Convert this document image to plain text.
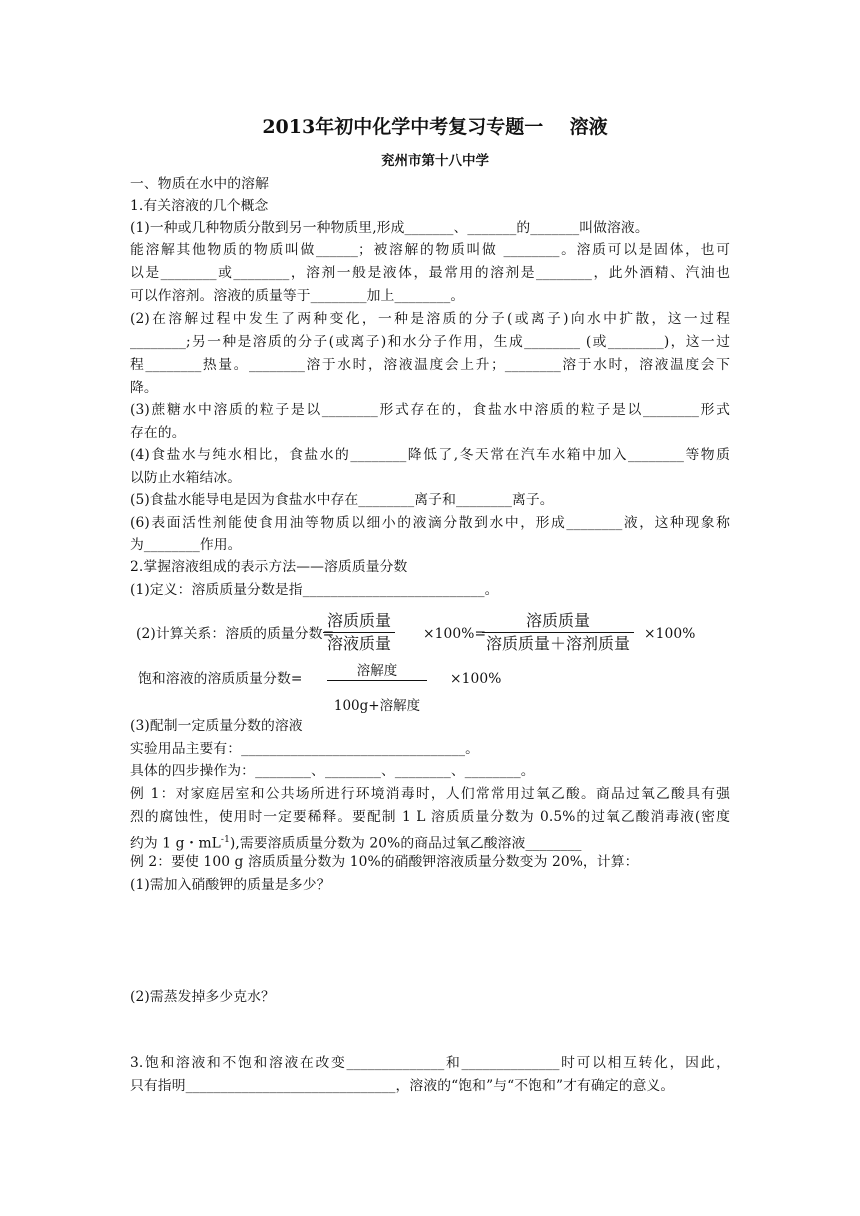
2013年初中化学中考复习专题一    溶液
兖州市第十八中学
一、物质在水中的溶解
1.有关溶液的几个概念
(1)一种或几种物质分散到另一种物质里,形成_______、_______的_______叫做溶液。
能溶解其他物质的物质叫做______；被溶解的物质叫做 ________。溶质可以是固体，也可
以是________或________，溶剂一般是液体，最常用的溶剂是________，此外酒精、汽油也
可以作溶剂。溶液的质量等于________加上________。
(2)在溶解过程中发生了两种变化，一种是溶质的分子(或离子)向水中扩散，这一过程
________;另一种是溶质的分子(或离子)和水分子作用，生成________ (或________)，这一过
程________热量。________溶于水时，溶液温度会上升；________溶于水时，溶液温度会下
降。
(3)蔗糖水中溶质的粒子是以________形式存在的，食盐水中溶质的粒子是以________形式
存在的。
(4)食盐水与纯水相比，食盐水的________降低了,冬天常在汽车水箱中加入________等物质
以防止水箱结冰。
(5)食盐水能导电是因为食盐水中存在________离子和________离子。
(6)表面活性剂能使食用油等物质以细小的液滴分散到水中，形成________液，这种现象称
为________作用。
2.掌握溶液组成的表示方法——溶质质量分数
(1)定义：溶质质量分数是指__________________________。
(2)计算关系：溶质的质量分数=
溶质质量
溶液质量 ×100%=
溶质质量
溶质质量＋溶剂质量 ×100%
饱和溶液的溶质质量分数=	溶解度
100g+溶解度
×100%
(3)配制一定质量分数的溶液
实验用品主要有：________________________________。
具体的四步操作为：________、________、________、________。
例 1：对家庭居室和公共场所进行环境消毒时，人们常常用过氧乙酸。商品过氧乙酸具有强
烈的腐蚀性，使用时一定要稀释。要配制 1 L 溶质质量分数为 0.5%的过氧乙酸消毒液(密度
约为 1 g・$mL^{-1}$),需要溶质质量分数为 20%的商品过氧乙酸溶液________
例 2：要使 100 g 溶质质量分数为 10%的硝酸钾溶液质量分数变为 20%，计算：
(1)需加入硝酸钾的质量是多少？
(2)需蒸发掉多少克水？
3.饱和溶液和不饱和溶液在改变______________和______________时可以相互转化，因此，
只有指明______________________________，溶液的“饱和”与“不饱和”才有确定的意义。
